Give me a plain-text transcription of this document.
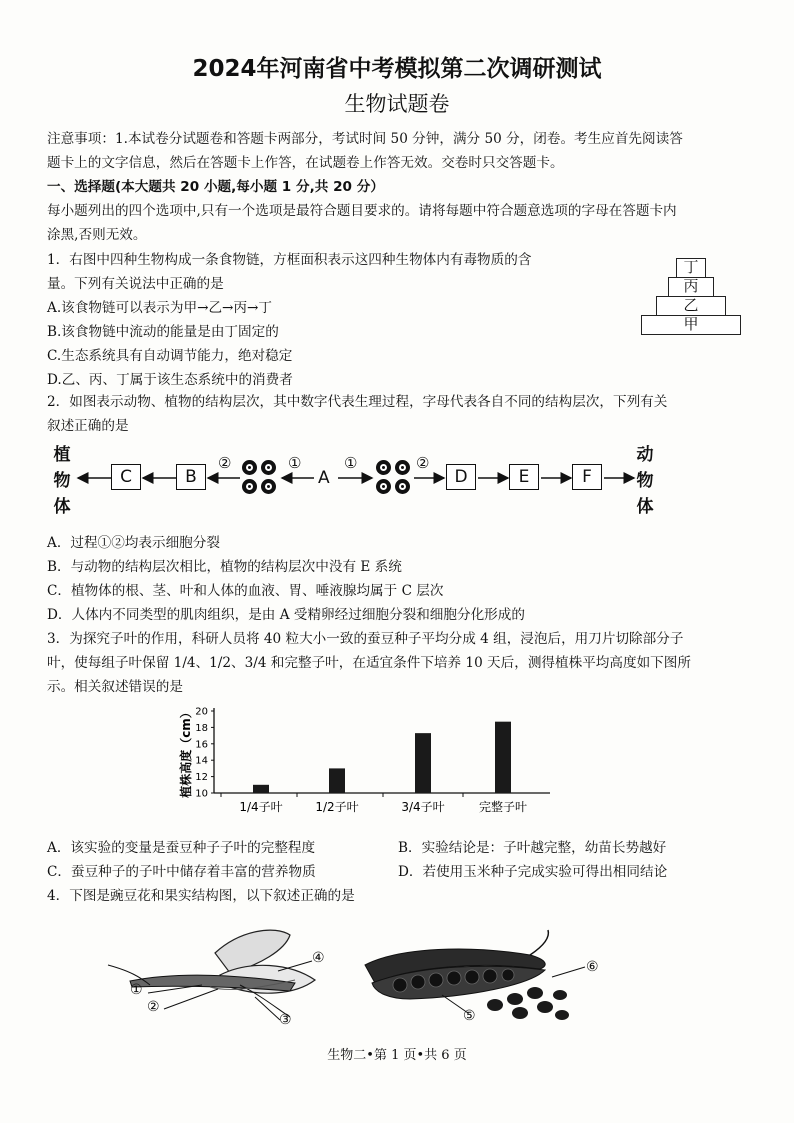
2024年河南省中考模拟第二次调研测试
生物试题卷
注意事项：1.本试卷分试题卷和答题卡两部分，考试时间 50 分钟，满分 50 分，闭卷。考生应首先阅读答
题卡上的文字信息，然后在答题卡上作答，在试题卷上作答无效。交卷时只交答题卡。
一、选择题(本大题共 20 小题,每小题 1 分,共 20 分）
每小题列出的四个选项中,只有一个选项是最符合题目要求的。请将每题中符合题意选项的字母在答题卡内
涂黑,否则无效。
1．右图中四种生物构成一条食物链，方框面积表示这四种生物体内有毒物质的含
量。下列有关说法中正确的是
A.该食物链可以表示为甲→乙→丙→丁
B.该食物链中流动的能量是由丁固定的
C.生态系统具有自动调节能力，绝对稳定
D.乙、丙、丁属于该生态系统中的消费者
丁
丙
乙
甲
2．如图表示动物、植物的结构层次，其中数字代表生理过程，字母代表各自不同的结构层次，下列有关
叙述正确的是
植
物
体
动
物
体
C	B	D	E	F
A
②	①	①	②
A．过程①②均表示细胞分裂
B．与动物的结构层次相比，植物的结构层次中没有 E 系统
C．植物体的根、茎、叶和人体的血液、胃、唾液腺均属于 C 层次
D．人体内不同类型的肌肉组织，是由 A 受精卵经过细胞分裂和细胞分化形成的
3．为探究子叶的作用，科研人员将 40 粒大小一致的蚕豆种子平均分成 4 组，浸泡后，用刀片切除部分子
叶，使每组子叶保留 1/4、1/2、3/4 和完整子叶，在适宜条件下培养 10 天后，测得植株平均高度如下图所
示。相关叙述错误的是
10
12
14
16
18
20
植株高度（cm）
1/4子叶	1/2子叶	3/4子叶	完整子叶
A．该实验的变量是蚕豆种子子叶的完整程度	B．实验结论是：子叶越完整，幼苗长势越好
C．蚕豆种子的子叶中储存着丰富的营养物质	D．若使用玉米种子完成实验可得出相同结论
4．下图是豌豆花和果实结构图，以下叙述正确的是
①
②
③
④
⑤
⑥
生物二•第 1 页•共 6 页
